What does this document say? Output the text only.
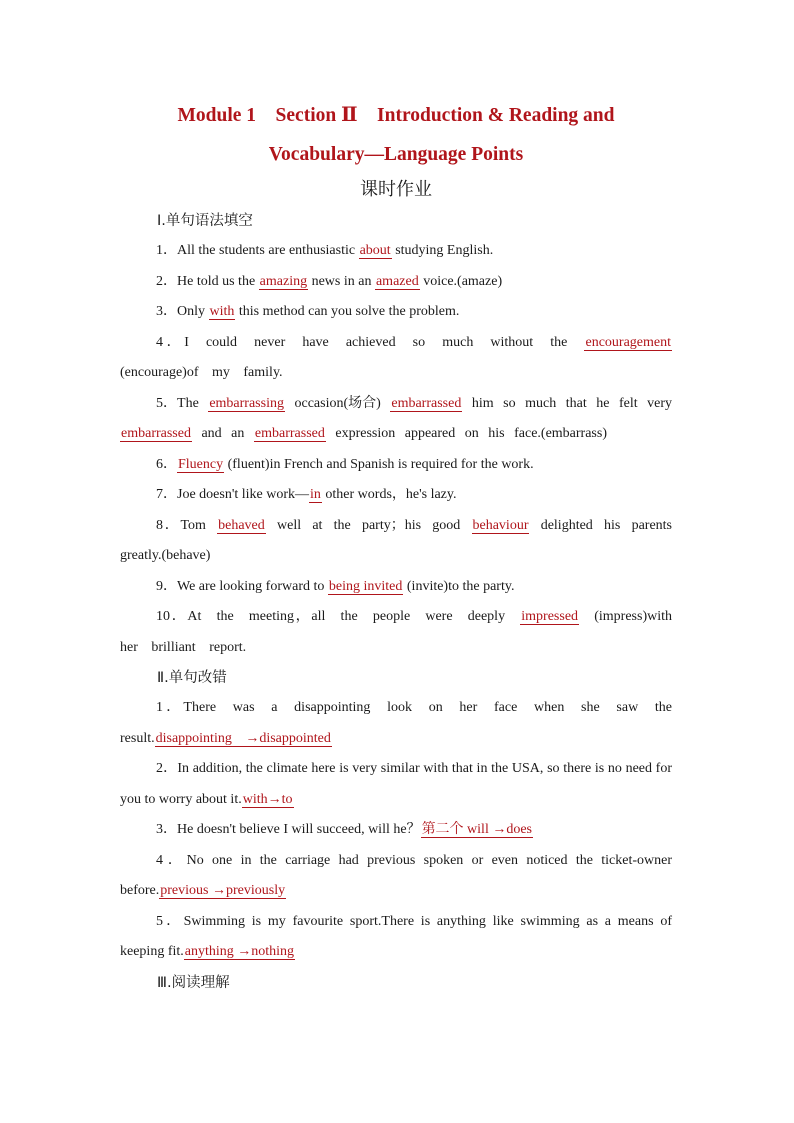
Module 1　Section Ⅱ　Introduction & Reading and
Vocabulary—Language Points
课时作业
Ⅰ.单句语法填空
1．All the students are enthusiastic about studying English.
2．He told us the amazing news in an amazed voice.(amaze)
3．Only with this method can you solve the problem.
4．I could never have achieved so much without the encouragement (encourage)of my family.
5．The embarrassing occasion(场合) embarrassed him so much that he felt very embarrassed and an embarrassed expression appeared on his face.(embarrass)
6．Fluency (fluent)in French and Spanish is required for the work.
7．Joe doesn't like work—in other words，he's lazy.
8．Tom behaved well at the party；his good behaviour delighted his parents greatly.(behave)
9．We are looking forward to being invited (invite)to the party.
10．At the meeting，all the people were deeply impressed (impress)with her brilliant report.
Ⅱ.单句改错
1．There was a disappointing look on her face when she saw the result.disappointing →disappointed
2．In addition, the climate here is very similar with that in the USA, so there is no need for you to worry about it.with→to
3．He doesn't believe I will succeed, will he？第二个 will →does
4．No one in the carriage had previous spoken or even noticed the ticket-owner before.previous →previously
5．Swimming is my favourite sport.There is anything like swimming as a means of keeping fit.anything →nothing
Ⅲ.阅读理解
